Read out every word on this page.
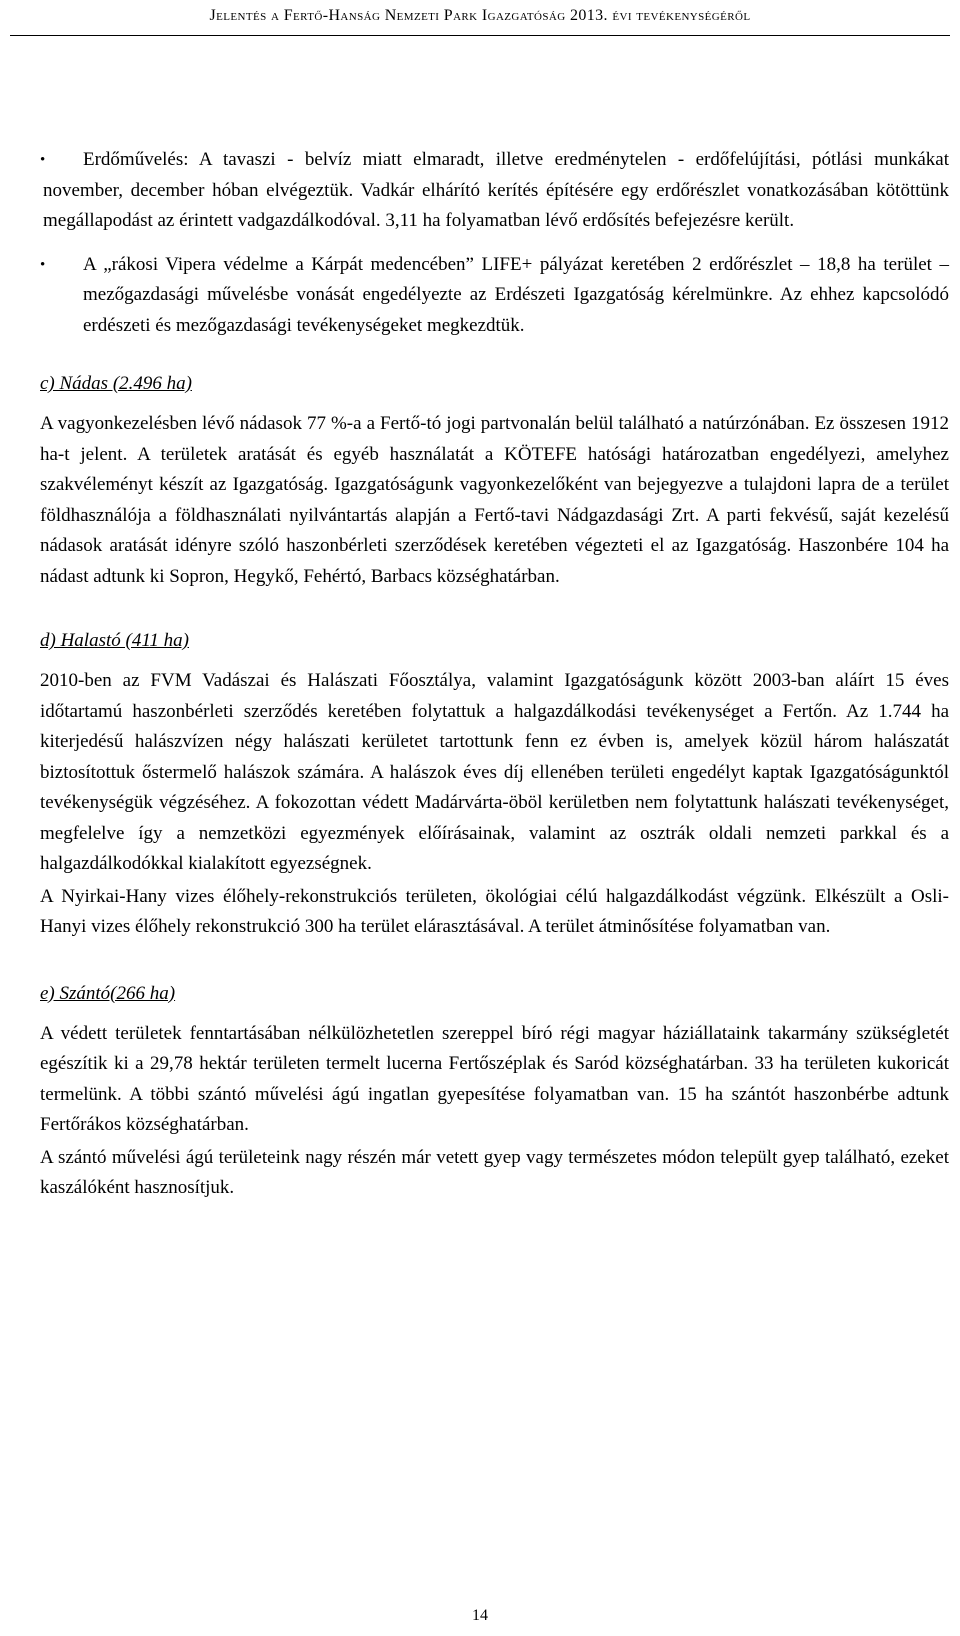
Jelentés a Fertő-Hanság Nemzeti Park Igazgatóság 2013. évi tevékenységéről
•	Erdőművelés: A tavaszi - belvíz miatt elmaradt, illetve eredménytelen - erdőfelújítási, pótlási munkákat november, december hóban elvégeztük. Vadkár elhárító kerítés építésére egy erdőrészlet vonatkozásában kötöttünk megállapodást az érintett vadgazdálkodóval. 3,11 ha folyamatban lévő erdősítés befejezésre került.
• A „rákosi Vipera védelme a Kárpát medencében” LIFE+ pályázat keretében 2 erdőrészlet – 18,8 ha terület – mezőgazdasági művelésbe vonását engedélyezte az Erdészeti Igazgatóság kérelmünkre. Az ehhez kapcsolódó erdészeti és mezőgazdasági tevékenységeket megkezdtük.
c) Nádas (2.496 ha)

A vagyonkezelésben lévő nádasok 77 %-a a Fertő-tó jogi partvonalán belül található a natúrzónában. Ez összesen 1912 ha-t jelent. A területek aratását és egyéb használatát a KÖTEFE hatósági határozatban engedélyezi, amelyhez szakvéleményt készít az Igazgatóság. Igazgatóságunk vagyonkezelőként van bejegyezve a tulajdoni lapra de a terület földhasználója a földhasználati nyilvántartás alapján a Fertő-tavi Nádgazdasági Zrt. A parti fekvésű, saját kezelésű nádasok aratását idényre szóló haszonbérleti szerződések keretében végezteti el az Igazgatóság. Haszonbére 104 ha nádast adtunk ki Sopron, Hegykő, Fehértó, Barbacs községhatárban.

d) Halastó (411 ha)

2010-ben az FVM Vadászai és Halászati Főosztálya, valamint Igazgatóságunk között 2003-ban aláírt 15 éves időtartamú haszonbérleti szerződés keretében folytattuk a halgazdálkodási tevékenységet a Fertőn. Az 1.744 ha kiterjedésű halászvízen négy halászati kerületet tartottunk fenn ez évben is, amelyek közül három halászatát biztosítottuk őstermelő halászok számára. A halászok éves díj ellenében területi engedélyt kaptak Igazgatóságunktól tevékenységük végzéséhez. A fokozottan védett Madárvárta-öböl kerületben nem folytattunk halászati tevékenységet, megfelelve így a nemzetközi egyezmények előírásainak, valamint az osztrák oldali nemzeti parkkal és a halgazdálkodókkal kialakított egyezségnek.

A Nyirkai-Hany vizes élőhely-rekonstrukciós területen, ökológiai célú halgazdálkodást végzünk. Elkészült a Osli-Hanyi vizes élőhely rekonstrukció 300 ha terület elárasztásával. A terület átminősítése folyamatban van.

e) Szántó(266 ha)

A védett területek fenntartásában nélkülözhetetlen szereppel bíró régi magyar háziállataink takarmány szükségletét egészítik ki a 29,78 hektár területen termelt lucerna Fertőszéplak és Saród községhatárban. 33 ha területen kukoricát termelünk. A többi szántó művelési ágú ingatlan gyepesítése folyamatban van. 15 ha szántót haszonbérbe adtunk Fertőrákos községhatárban.

A szántó művelési ágú területeink nagy részén már vetett gyep vagy természetes módon települt gyep található, ezeket kaszálóként hasznosítjuk.

14
